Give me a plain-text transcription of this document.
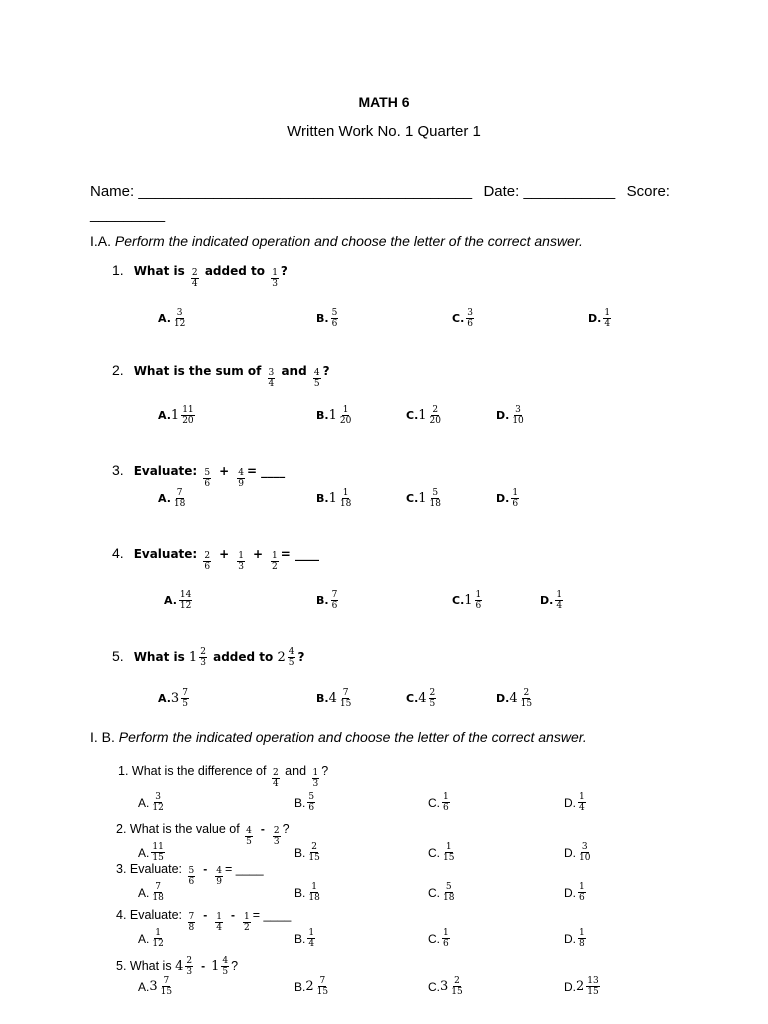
MATH 6
Written Work No. 1 Quarter 1
Name: ________________________________________ Date: ___________ Score:
_________
I.A. Perform the indicated operation and choose the letter of the correct answer.
I. B. Perform the indicated operation and choose the letter of the correct answer.
1. What is $\frac{2}{4}$ added to $\frac{1}{3}$ ?
A. $\frac{3}{12}$	B. $\frac{5}{6}$	C. $\frac{3}{6}$	D. $\frac{1}{4}$
2. What is the sum of $\frac{3}{4}$ and $\frac{4}{5}$ ?
A. $1 \frac{11}{20}$	B. $1 \frac{1}{20}$	C. $1 \frac{2}{20}$	D. $\frac{3}{10}$
3. Evaluate: $\frac{5}{6} + \frac{4}{9}$ = ____
A. $\frac{7}{18}$	B. $1 \frac{1}{18}$	C. $1 \frac{5}{18}$	D. $\frac{1}{6}$
4. Evaluate: $\frac{2}{6} + \frac{1}{3} + \frac{1}{2}$ = ____
A. $\frac{14}{12}$	B. $\frac{7}{6}$	C. $1 \frac{1}{6}$	D. $\frac{1}{4}$
5. What is $1 \frac{2}{3}$ added to $2 \frac{4}{5}$ ?
A. $3 \frac{7}{5}$	B. $4 \frac{7}{15}$	C. $4 \frac{2}{5}$	D. $4 \frac{2}{15}$
1. What is the difference of $\frac{2}{4}$ and $\frac{1}{3}$ ?
A. $\frac{3}{12}$	B. $\frac{5}{6}$	C. $\frac{1}{6}$	D. $\frac{1}{4}$
2. What is the value of $\frac{4}{5} - \frac{2}{3}$ ?
A. $\frac{11}{15}$	B. $\frac{2}{15}$	C. $\frac{1}{15}$	D. $\frac{3}{10}$
3. Evaluate: $\frac{5}{6} - \frac{4}{9}$ = ____
A. $\frac{7}{18}$	B. $\frac{1}{18}$	C. $\frac{5}{18}$	D. $\frac{1}{6}$
4. Evaluate: $\frac{7}{8} - \frac{1}{4} - \frac{1}{2}$ = ____
A. $\frac{1}{12}$	B. $\frac{1}{4}$	C. $\frac{1}{6}$	D. $\frac{1}{8}$
5. What is $4 \frac{2}{3} - 1 \frac{4}{5}$ ?
A. $3 \frac{7}{15}$	B. $2 \frac{7}{15}$	C. $3 \frac{2}{15}$	D. $2 \frac{13}{15}$
